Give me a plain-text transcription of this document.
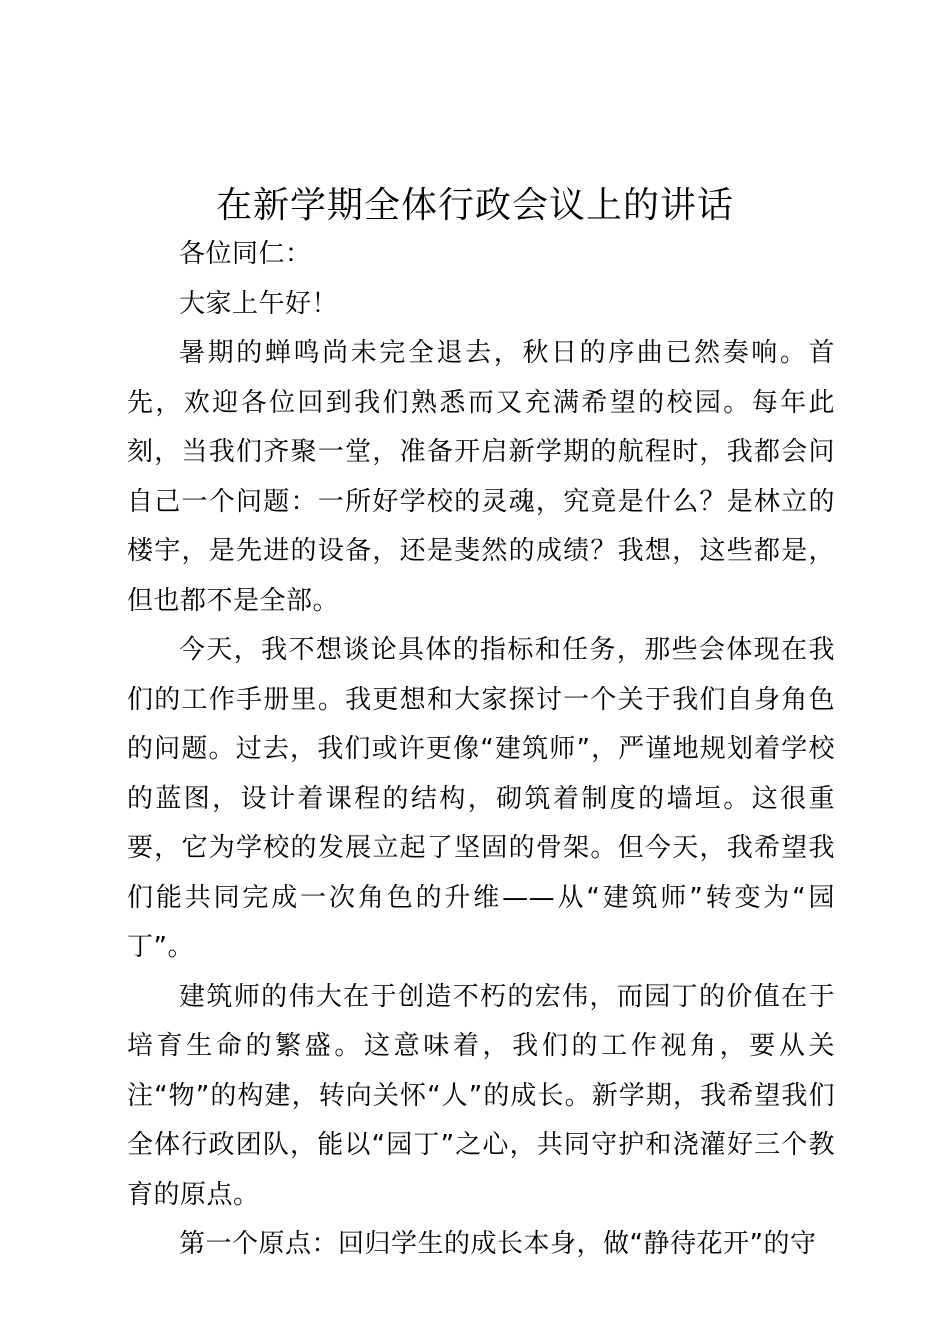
在新学期全体行政会议上的讲话

各位同仁：

大家上午好！

暑期的蝉鸣尚未完全退去，秋日的序曲已然奏响。首先，欢迎各位回到我们熟悉而又充满希望的校园。每年此刻，当我们齐聚一堂，准备开启新学期的航程时，我都会问自己一个问题：一所好学校的灵魂，究竟是什么？是林立的楼宇，是先进的设备，还是斐然的成绩？我想，这些都是，但也都不是全部。

今天，我不想谈论具体的指标和任务，那些会体现在我们的工作手册里。我更想和大家探讨一个关于我们自身角色的问题。过去，我们或许更像“建筑师”，严谨地规划着学校的蓝图，设计着课程的结构，砌筑着制度的墙垣。这很重要，它为学校的发展立起了坚固的骨架。但今天，我希望我们能共同完成一次角色的升维——从“建筑师”转变为“园丁”。

建筑师的伟大在于创造不朽的宏伟，而园丁的价值在于培育生命的繁盛。这意味着，我们的工作视角，要从关注“物”的构建，转向关怀“人”的成长。新学期，我希望我们全体行政团队，能以“园丁”之心，共同守护和浇灌好三个教育的原点。

第一个原点：回归学生的成长本身，做“静待花开”的守
